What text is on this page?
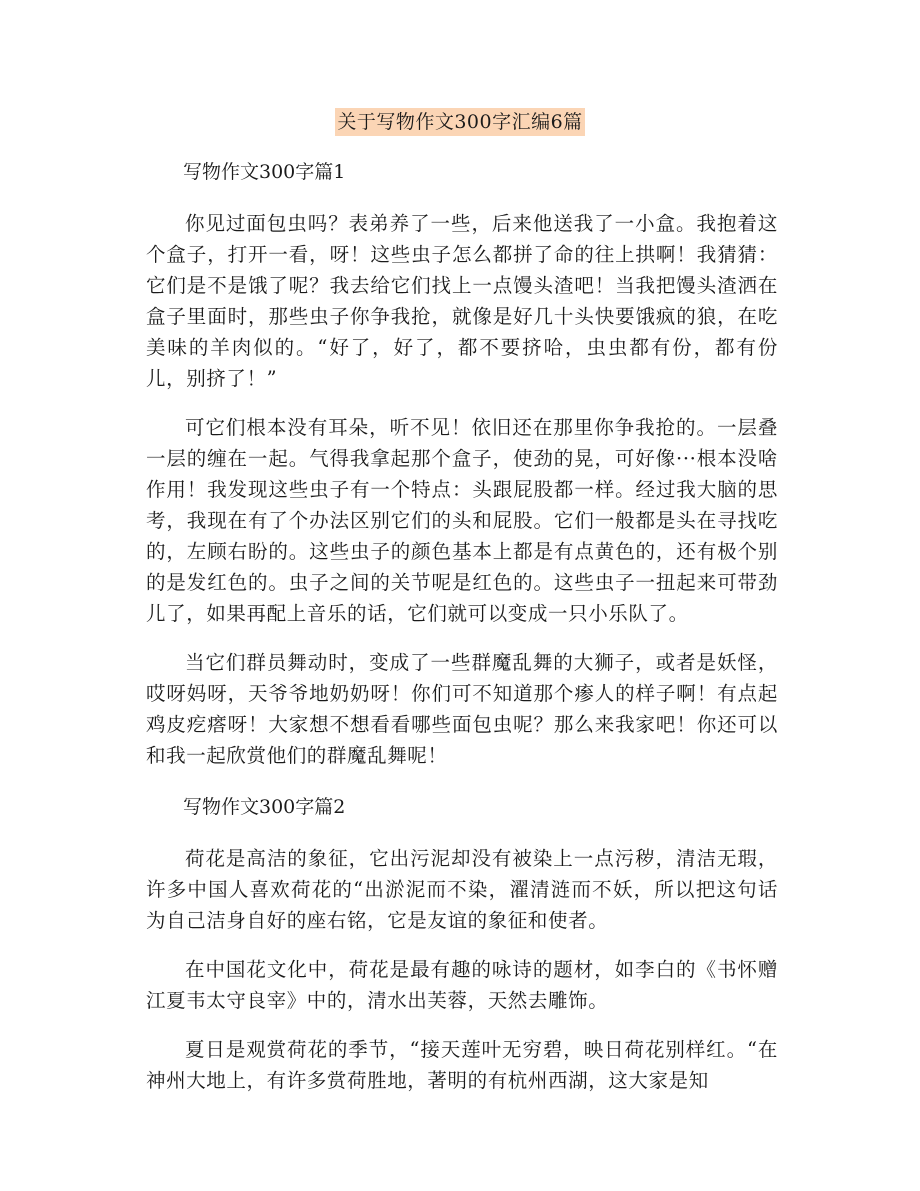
关于写物作文300字汇编6篇
写物作文300字篇1

你见过面包虫吗？表弟养了一些，后来他送我了一小盒。我抱着这个盒子，打开一看，呀！这些虫子怎么都拼了命的往上拱啊！我猜猜：它们是不是饿了呢？我去给它们找上一点馒头渣吧！当我把馒头渣洒在盒子里面时，那些虫子你争我抢，就像是好几十头快要饿疯的狼，在吃美味的羊肉似的。“好了，好了，都不要挤哈，虫虫都有份，都有份儿，别挤了！”

可它们根本没有耳朵，听不见！依旧还在那里你争我抢的。一层叠一层的缠在一起。气得我拿起那个盒子，使劲的晃，可好像···根本没啥作用！我发现这些虫子有一个特点：头跟屁股都一样。经过我大脑的思考，我现在有了个办法区别它们的头和屁股。它们一般都是头在寻找吃的，左顾右盼的。这些虫子的颜色基本上都是有点黄色的，还有极个别的是发红色的。虫子之间的关节呢是红色的。这些虫子一扭起来可带劲儿了，如果再配上音乐的话，它们就可以变成一只小乐队了。

当它们群员舞动时，变成了一些群魔乱舞的大狮子，或者是妖怪，哎呀妈呀，天爷爷地奶奶呀！你们可不知道那个瘆人的样子啊！有点起鸡皮疙瘩呀！大家想不想看看哪些面包虫呢？那么来我家吧！你还可以和我一起欣赏他们的群魔乱舞呢！

写物作文300字篇2

荷花是高洁的象征，它出污泥却没有被染上一点污秽，清洁无瑕，许多中国人喜欢荷花的“出淤泥而不染，濯清涟而不妖，所以把这句话为自己洁身自好的座右铭，它是友谊的象征和使者。

在中国花文化中，荷花是最有趣的咏诗的题材，如李白的《书怀赠江夏韦太守良宰》中的，清水出芙蓉，天然去雕饰。

夏日是观赏荷花的季节，“接天莲叶无穷碧，映日荷花别样红。“在神州大地上，有许多赏荷胜地，著明的有杭州西湖，这大家是知
